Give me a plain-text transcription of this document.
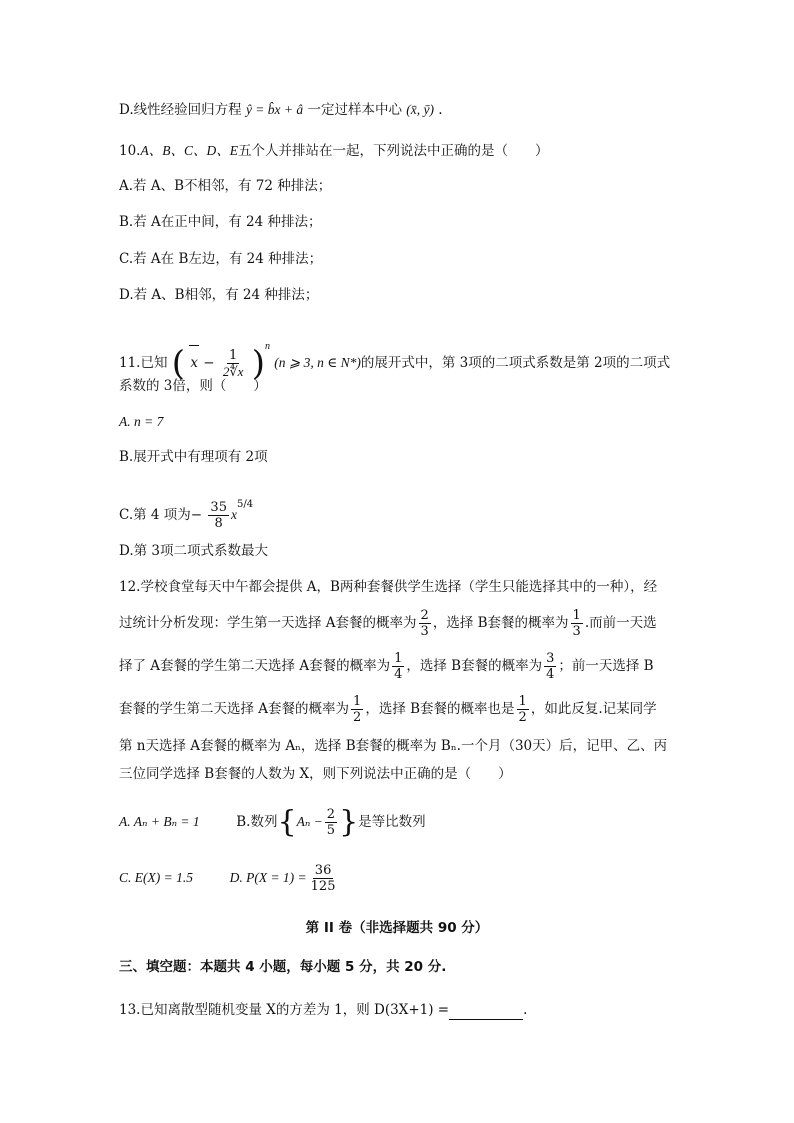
D.线性经验回归方程 ŷ = b̂x + â 一定过样本中心 (x̄, ȳ) .
10.A、B、C、D、E五个人并排站在一起，下列说法中正确的是（　　）
A.若 A、B不相邻，有 72 种排法；
B.若 A在正中间，有 24 种排法；
C.若 A在 B左边，有 24 种排法；
D.若 A、B相邻，有 24 种排法；
11.已知 ( $x - \frac{1}{2∜x} )^n$ (n ⩾ 3, n ∈ N*)的展开式中，第 3项的二项式系数是第 2项的二项式
系数的 3倍，则（　　）
A. n = 7
B.展开式中有理项有 2项
C.第 4 项为− $\frac{35}{8} x^{5/4}$
D.第 3项二项式系数最大
12.学校食堂每天中午都会提供 A，B两种套餐供学生选择（学生只能选择其中的一种），经
过统计分析发现：学生第一天选择 A套餐的概率为 $\frac{2}{3}$ ，选择 B套餐的概率为 $\frac{1}{3}$ .而前一天选
择了 A套餐的学生第二天选择 A套餐的概率为 $\frac{1}{4}$ ，选择 B套餐的概率为 $\frac{3}{4}$ ；前一天选择 B
套餐的学生第二天选择 A套餐的概率为 $\frac{1}{2}$ ，选择 B套餐的概率也是 $\frac{1}{2}$ ，如此反复.记某同学
第 n天选择 A套餐的概率为 Aₙ，选择 B套餐的概率为 Bₙ.一个月（30天）后，记甲、乙、丙
三位同学选择 B套餐的人数为 X，则下列说法中正确的是（　　）
A. Aₙ + Bₙ = 1	B.数列{$A_n - \frac{2}{5}$ }是等比数列
C. E(X) = 1.5	D. $P(X = 1) = \frac{36}{125}$
第 II 卷（非选择题共 90 分）
三、填空题：本题共 4 小题，每小题 5 分，共 20 分.
13.已知离散型随机变量 X的方差为 1，则 D(3X+1) =	.
